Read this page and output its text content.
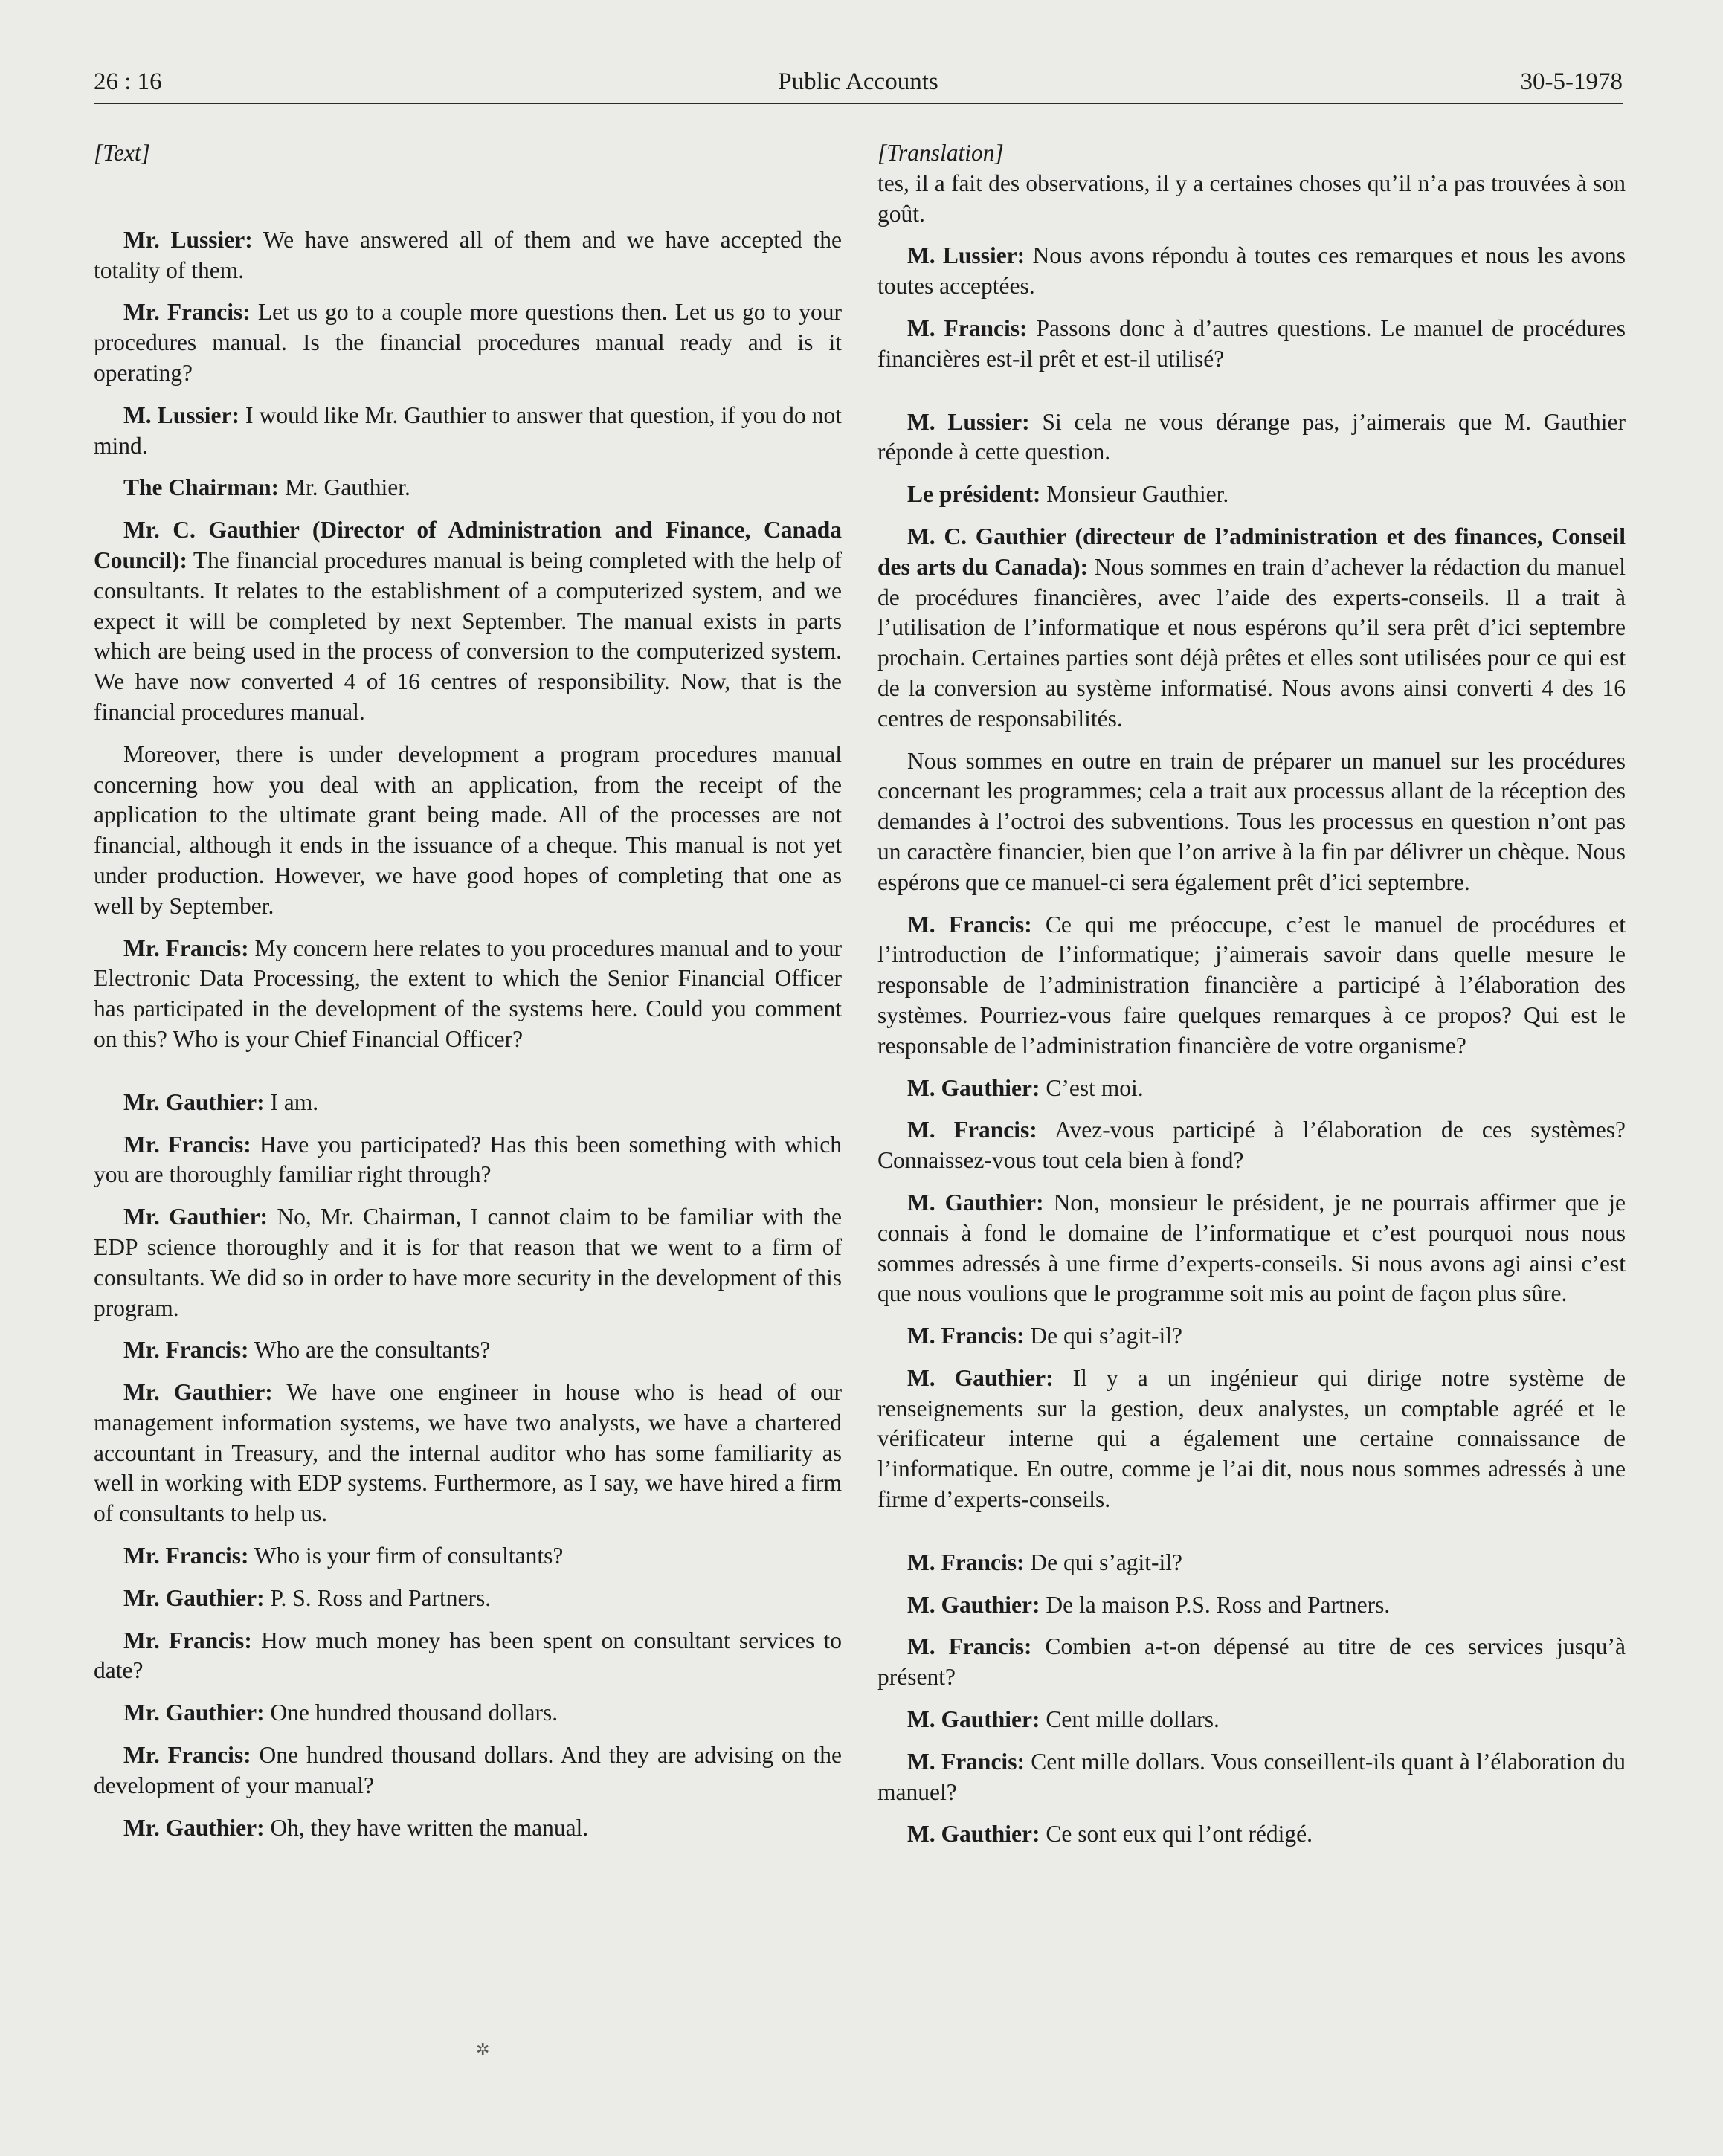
26 : 16	Public Accounts	30-5-1978
[Text]

Mr. Lussier: We have answered all of them and we have accepted the totality of them.

Mr. Francis: Let us go to a couple more questions then. Let us go to your procedures manual. Is the financial procedures manual ready and is it operating?

M. Lussier: I would like Mr. Gauthier to answer that question, if you do not mind.

The Chairman: Mr. Gauthier.

Mr. C. Gauthier (Director of Administration and Finance, Canada Council): The financial procedures manual is being completed with the help of consultants. It relates to the establishment of a computerized system, and we expect it will be completed by next September. The manual exists in parts which are being used in the process of conversion to the computerized system. We have now converted 4 of 16 centres of responsibility. Now, that is the financial procedures manual.

Moreover, there is under development a program procedures manual concerning how you deal with an application, from the receipt of the application to the ultimate grant being made. All of the processes are not financial, although it ends in the issuance of a cheque. This manual is not yet under production. However, we have good hopes of completing that one as well by September.

Mr. Francis: My concern here relates to you procedures manual and to your Electronic Data Processing, the extent to which the Senior Financial Officer has participated in the development of the systems here. Could you comment on this? Who is your Chief Financial Officer?

Mr. Gauthier: I am.

Mr. Francis: Have you participated? Has this been something with which you are thoroughly familiar right through?

Mr. Gauthier: No, Mr. Chairman, I cannot claim to be familiar with the EDP science thoroughly and it is for that reason that we went to a firm of consultants. We did so in order to have more security in the development of this program.

Mr. Francis: Who are the consultants?

Mr. Gauthier: We have one engineer in house who is head of our management information systems, we have two analysts, we have a chartered accountant in Treasury, and the internal auditor who has some familiarity as well in working with EDP systems. Furthermore, as I say, we have hired a firm of consultants to help us.

Mr. Francis: Who is your firm of consultants?

Mr. Gauthier: P. S. Ross and Partners.

Mr. Francis: How much money has been spent on consultant services to date?

Mr. Gauthier: One hundred thousand dollars.

Mr. Francis: One hundred thousand dollars. And they are advising on the development of your manual?

Mr. Gauthier: Oh, they have written the manual.

[Translation]

tes, il a fait des observations, il y a certaines choses qu’il n’a pas trouvées à son goût.

M. Lussier: Nous avons répondu à toutes ces remarques et nous les avons toutes acceptées.

M. Francis: Passons donc à d’autres questions. Le manuel de procédures financières est-il prêt et est-il utilisé?

M. Lussier: Si cela ne vous dérange pas, j’aimerais que M. Gauthier réponde à cette question.

Le président: Monsieur Gauthier.

M. C. Gauthier (directeur de l’administration et des finances, Conseil des arts du Canada): Nous sommes en train d’achever la rédaction du manuel de procédures financières, avec l’aide des experts-conseils. Il a trait à l’utilisation de l’informatique et nous espérons qu’il sera prêt d’ici septembre prochain. Certaines parties sont déjà prêtes et elles sont utilisées pour ce qui est de la conversion au système informatisé. Nous avons ainsi converti 4 des 16 centres de responsabilités.

Nous sommes en outre en train de préparer un manuel sur les procédures concernant les programmes; cela a trait aux processus allant de la réception des demandes à l’octroi des subventions. Tous les processus en question n’ont pas un caractère financier, bien que l’on arrive à la fin par délivrer un chèque. Nous espérons que ce manuel-ci sera également prêt d’ici septembre.

M. Francis: Ce qui me préoccupe, c’est le manuel de procédures et l’introduction de l’informatique; j’aimerais savoir dans quelle mesure le responsable de l’administration financière a participé à l’élaboration des systèmes. Pourriez-vous faire quelques remarques à ce propos? Qui est le responsable de l’administration financière de votre organisme?

M. Gauthier: C’est moi.

M. Francis: Avez-vous participé à l’élaboration de ces systèmes? Connaissez-vous tout cela bien à fond?

M. Gauthier: Non, monsieur le président, je ne pourrais affirmer que je connais à fond le domaine de l’informatique et c’est pourquoi nous nous sommes adressés à une firme d’experts-conseils. Si nous avons agi ainsi c’est que nous voulions que le programme soit mis au point de façon plus sûre.

M. Francis: De qui s’agit-il?

M. Gauthier: Il y a un ingénieur qui dirige notre système de renseignements sur la gestion, deux analystes, un comptable agréé et le vérificateur interne qui a également une certaine connaissance de l’informatique. En outre, comme je l’ai dit, nous nous sommes adressés à une firme d’experts-conseils.

M. Francis: De qui s’agit-il?

M. Gauthier: De la maison P.S. Ross and Partners.

M. Francis: Combien a-t-on dépensé au titre de ces services jusqu’à présent?

M. Gauthier: Cent mille dollars.

M. Francis: Cent mille dollars. Vous conseillent-ils quant à l’élaboration du manuel?

M. Gauthier: Ce sont eux qui l’ont rédigé.

✲
